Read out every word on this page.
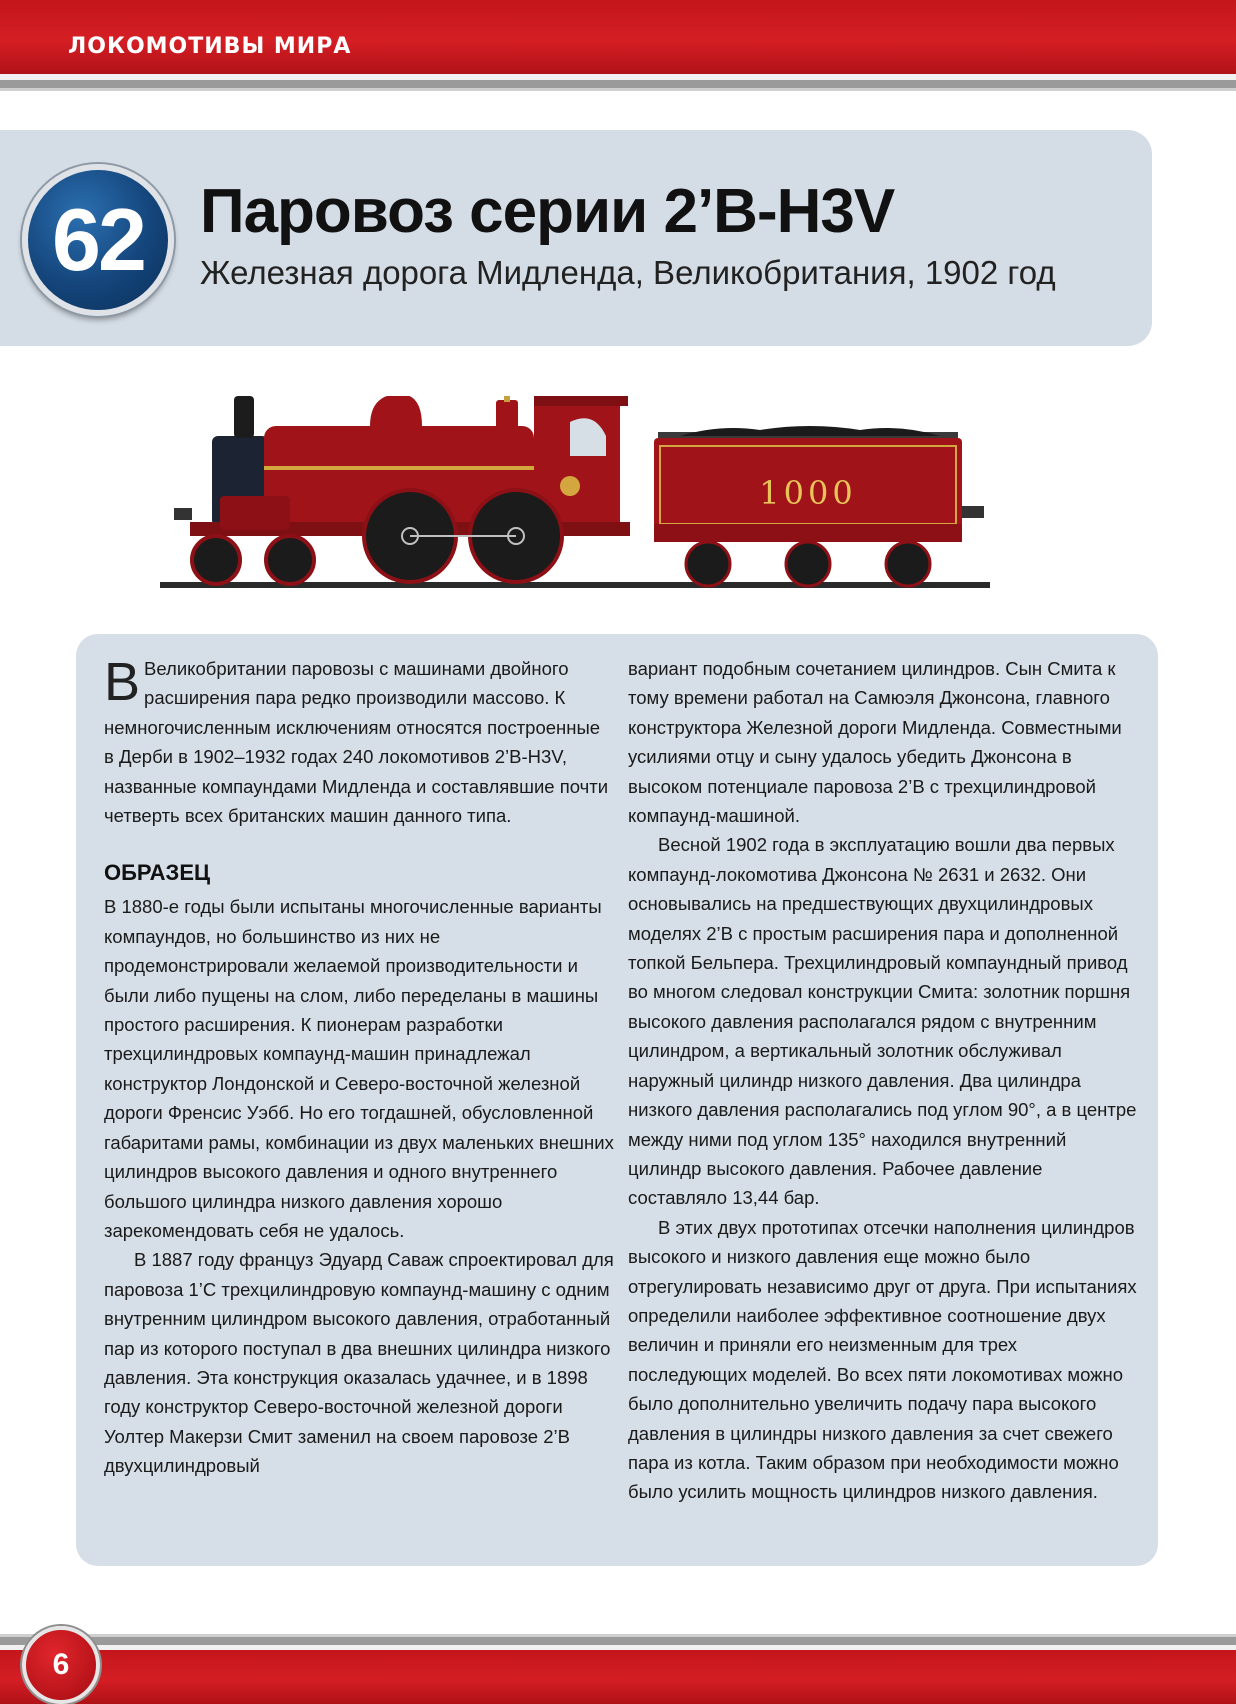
ЛОКОМОТИВЫ МИРА
62 Паровоз серии 2’B-H3V
Железная дорога Мидленда, Великобритания, 1902 год
1000

В Великобритании паровозы с машинами двойного расширения пара редко производили массово. К немногочисленным исключениям относятся построенные в Дерби в 1902–1932 годах 240 локомотивов 2’B-H3V, названные компаундами Мидленда и составлявшие почти четверть всех британских машин данного типа.

ОБРАЗЕЦ

В 1880-е годы были испытаны многочисленные варианты компаундов, но большинство из них не продемонстрировали желаемой производительности и были либо пущены на слом, либо переделаны в машины простого расширения. К пионерам разработки трехцилиндровых компаунд-машин принадлежал конструктор Лондонской и Северо-восточной железной дороги Френсис Уэбб. Но его тогдашней, обусловленной габаритами рамы, комбинации из двух маленьких внешних цилиндров высокого давления и одного внутреннего большого цилиндра низкого давления хорошо зарекомендовать себя не удалось.

В 1887 году француз Эдуард Саваж спроектировал для паровоза 1’C трехцилиндровую компаунд-машину с одним внутренним цилиндром высокого давления, отработанный пар из которого поступал в два внешних цилиндра низкого давления. Эта конструкция оказалась удачнее, и в 1898 году конструктор Северо-восточной железной дороги Уолтер Макерзи Смит заменил на своем паровозе 2’B двухцилиндровый

вариант подобным сочетанием цилиндров. Сын Смита к тому времени работал на Самюэля Джонсона, главного конструктора Железной дороги Мидленда. Совместными усилиями отцу и сыну удалось убедить Джонсона в высоком потенциале паровоза 2’B с трехцилиндровой компаунд-машиной.

Весной 1902 года в эксплуатацию вошли два первых компаунд-локомотива Джонсона № 2631 и 2632. Они основывались на предшествующих двухцилиндровых моделях 2’B с простым расширения пара и дополненной топкой Бельпера. Трехцилиндровый компаундный привод во многом следовал конструкции Смита: золотник поршня высокого давления располагался рядом с внутренним цилиндром, а вертикальный золотник обслуживал наружный цилиндр низкого давления. Два цилиндра низкого давления располагались под углом 90°, а в центре между ними под углом 135° находился внутренний цилиндр высокого давления. Рабочее давление составляло 13,44 бар.

В этих двух прототипах отсечки наполнения цилиндров высокого и низкого давления еще можно было отрегулировать независимо друг от друга. При испытаниях определили наиболее эффективное соотношение двух величин и приняли его неизменным для трех последующих моделей. Во всех пяти локомотивах можно было дополнительно увеличить подачу пара высокого давления в цилиндры низкого давления за счет свежего пара из котла. Таким образом при необходимости можно было усилить мощность цилиндров низкого давления.

6
